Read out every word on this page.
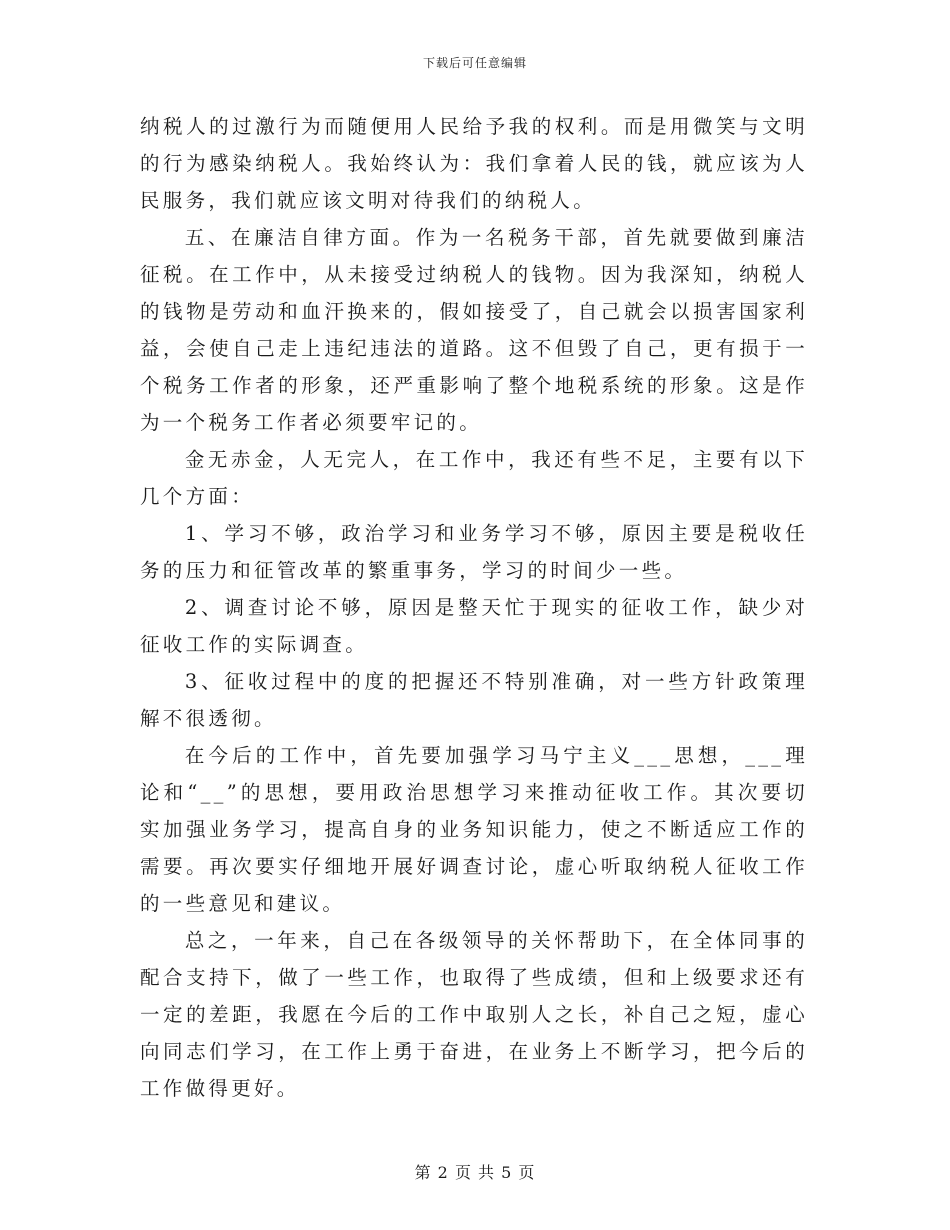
下载后可任意编辑

纳税人的过激行为而随便用人民给予我的权利。而是用微笑与文明的行为感染纳税人。我始终认为：我们拿着人民的钱，就应该为人民服务，我们就应该文明对待我们的纳税人。

五、在廉洁自律方面。作为一名税务干部，首先就要做到廉洁征税。在工作中，从未接受过纳税人的钱物。因为我深知，纳税人的钱物是劳动和血汗换来的，假如接受了，自己就会以损害国家利益，会使自己走上违纪违法的道路。这不但毁了自己，更有损于一个税务工作者的形象，还严重影响了整个地税系统的形象。这是作为一个税务工作者必须要牢记的。

金无赤金，人无完人，在工作中，我还有些不足，主要有以下几个方面：

1、学习不够，政治学习和业务学习不够，原因主要是税收任务的压力和征管改革的繁重事务，学习的时间少一些。

2、调查讨论不够，原因是整天忙于现实的征收工作，缺少对征收工作的实际调查。

3、征收过程中的度的把握还不特别准确，对一些方针政策理解不很透彻。

在今后的工作中，首先要加强学习马宁主义___思想，___理论和“__”的思想，要用政治思想学习来推动征收工作。其次要切实加强业务学习，提高自身的业务知识能力，使之不断适应工作的需要。再次要实仔细地开展好调查讨论，虚心听取纳税人征收工作的一些意见和建议。

总之，一年来，自己在各级领导的关怀帮助下，在全体同事的配合支持下，做了一些工作，也取得了些成绩，但和上级要求还有一定的差距，我愿在今后的工作中取别人之长，补自己之短，虚心向同志们学习，在工作上勇于奋进，在业务上不断学习，把今后的工作做得更好。

第 2 页 共 5 页
